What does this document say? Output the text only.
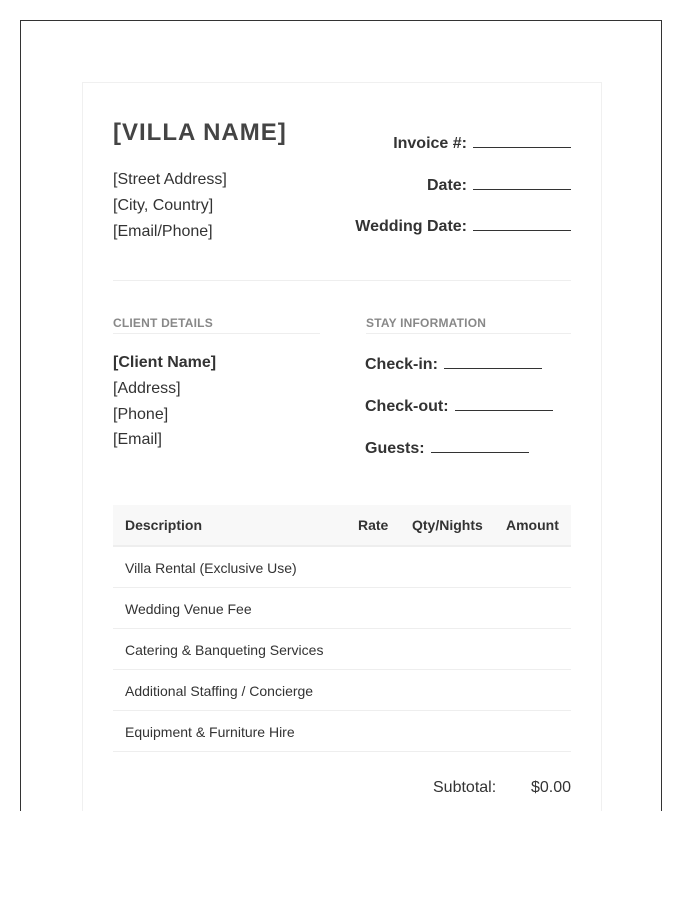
[VILLA NAME]
[Street Address]
[City, Country]
[Email/Phone]
Invoice #:
Date:
Wedding Date:
CLIENT DETAILS	STAY INFORMATION
[Client Name]
[Address]
[Phone]
[Email]
Check-in:
Check-out:
Guests:
Description	Rate Qty/Nights Amount
Villa Rental (Exclusive Use)
Wedding Venue Fee
Catering & Banqueting Services
Additional Staffing / Concierge
Equipment & Furniture Hire
Subtotal: $0.00
